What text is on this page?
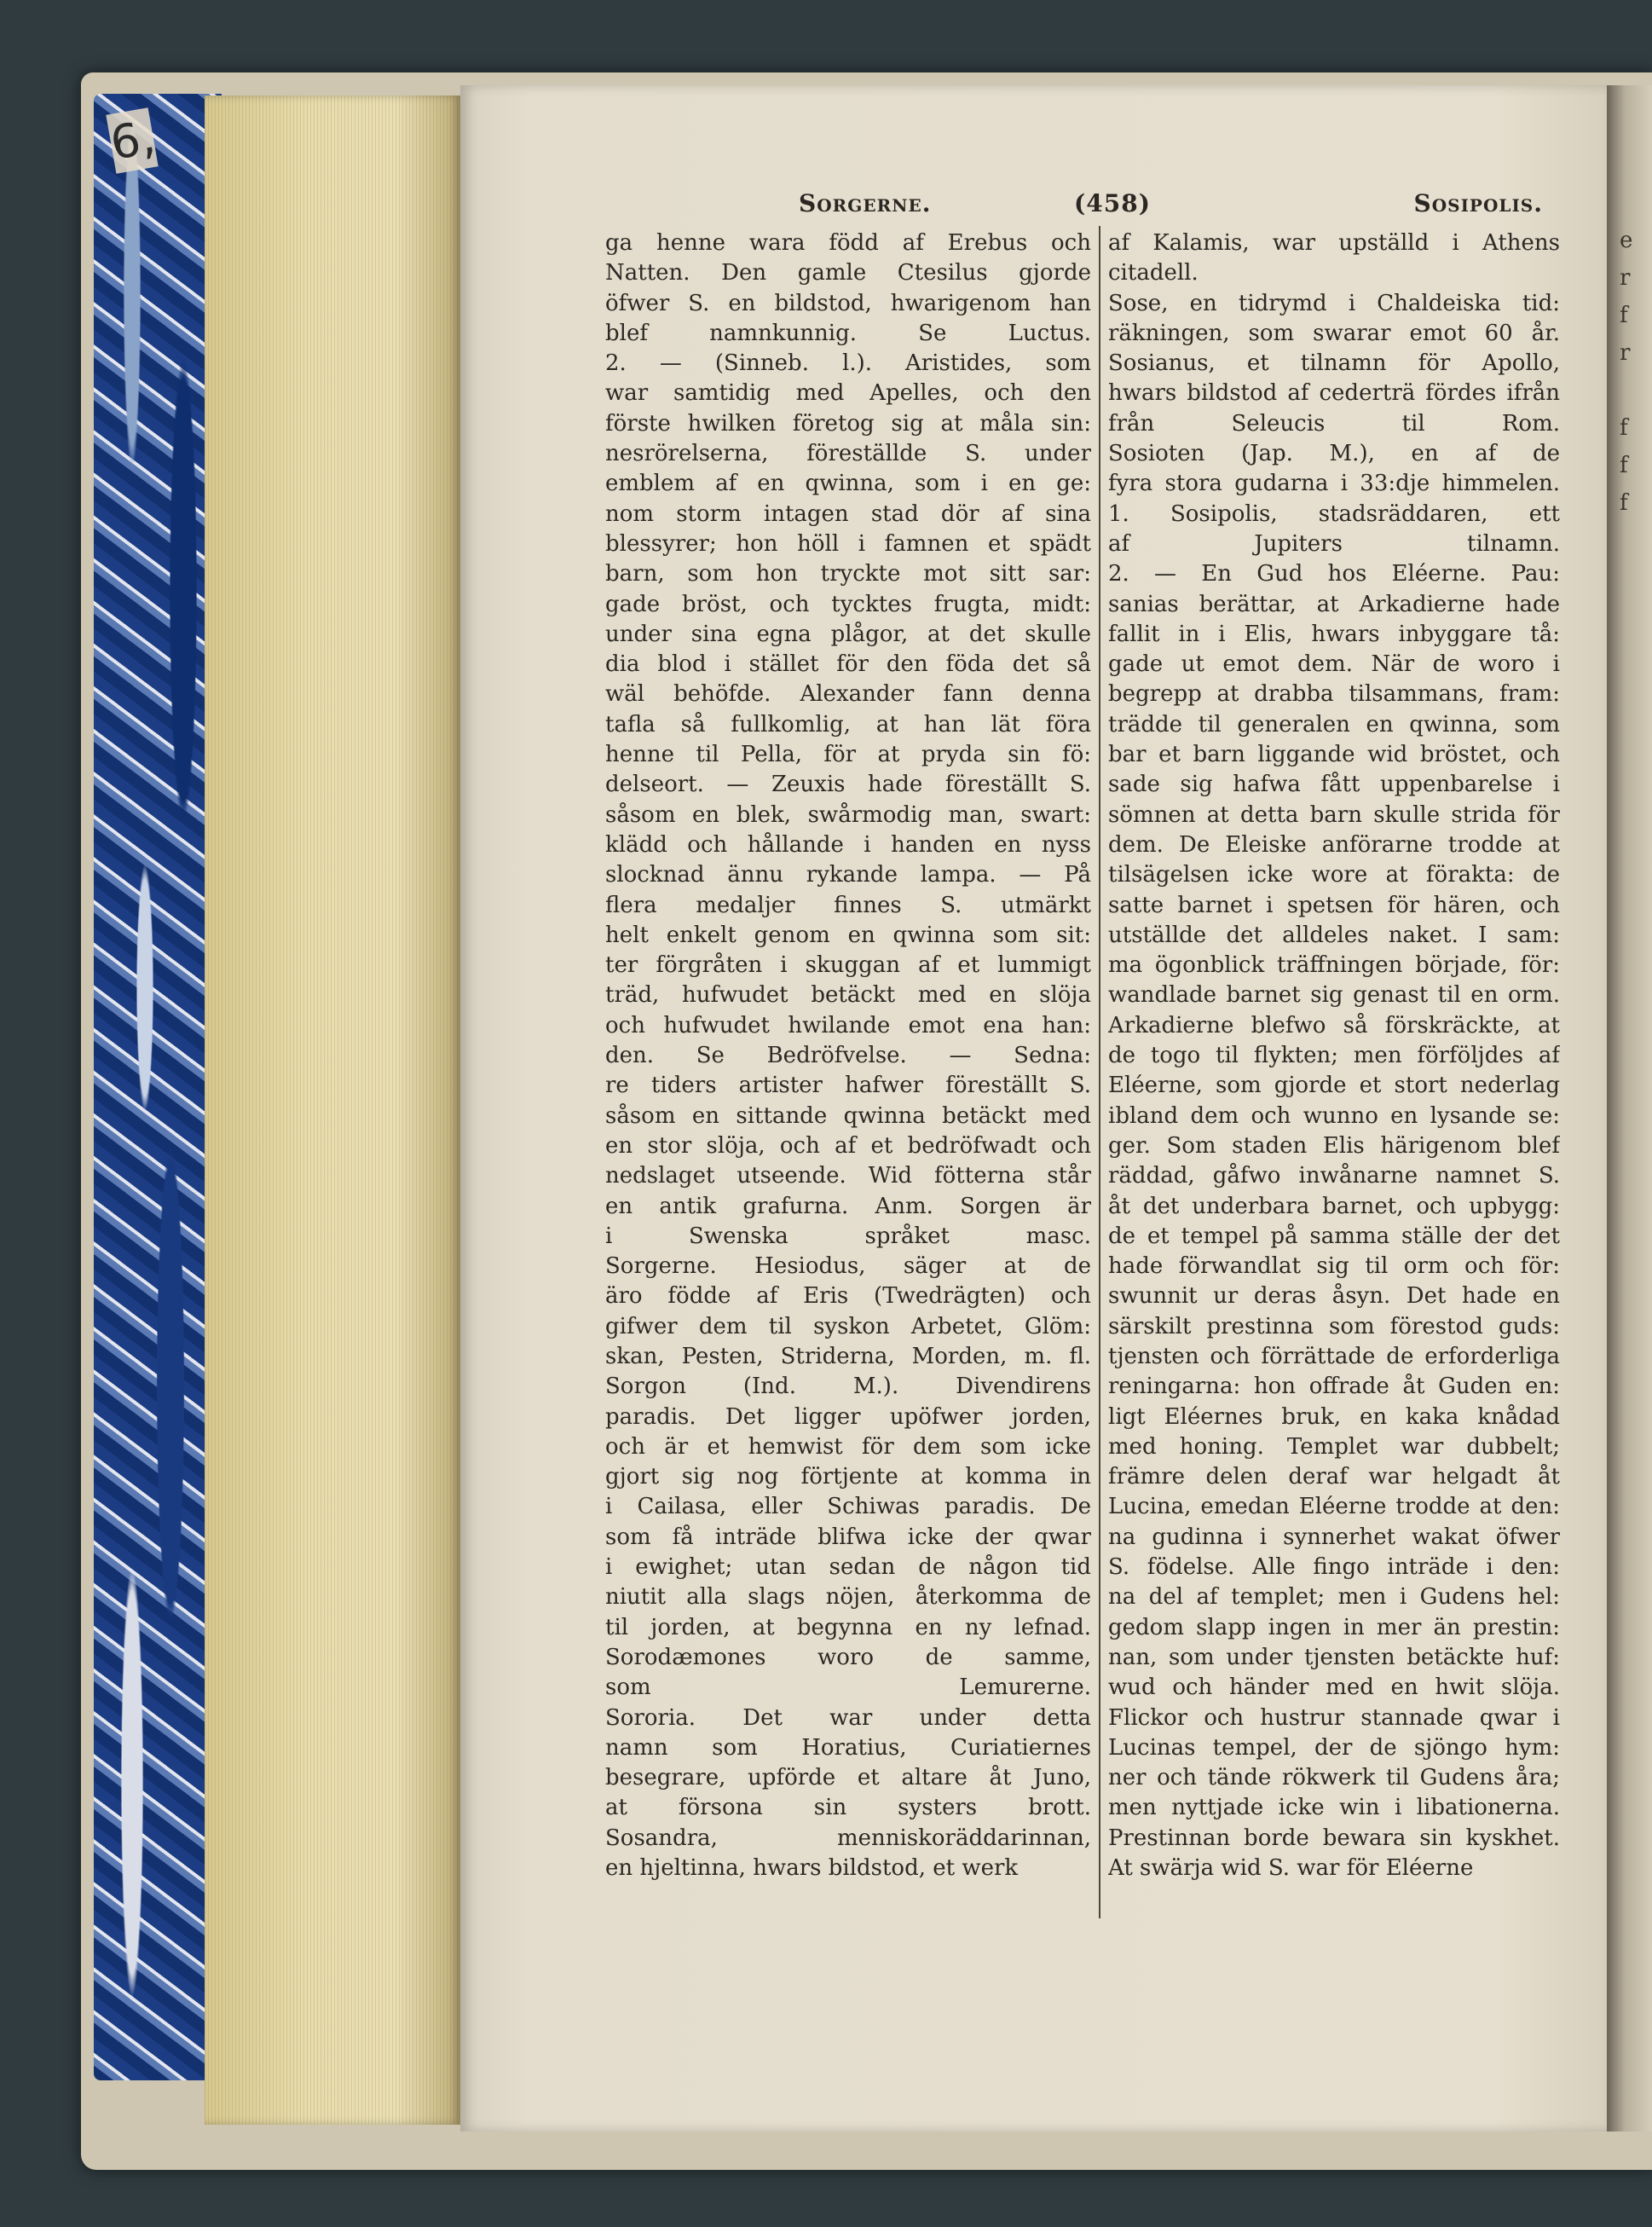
6,
Sorgerne.	(458)	Sosipolis.
ga henne wara född af Erebus och
Natten. Den gamle Ctesilus gjorde
öfwer S. en bildstod, hwarigenom han
blef namnkunnig. Se Luctus.
2. — (Sinneb. l.). Aristides, som
war samtidig med Apelles, och den
förste hwilken företog sig at måla sin:
nesrörelserna, föreställde S. under
emblem af en qwinna, som i en ge:
nom storm intagen stad dör af sina
blessyrer; hon höll i famnen et spädt
barn, som hon tryckte mot sitt sar:
gade bröst, och tycktes frugta, midt:
under sina egna plågor, at det skulle
dia blod i stället för den föda det så
wäl behöfde. Alexander fann denna
tafla så fullkomlig, at han lät föra
henne til Pella, för at pryda sin fö:
delseort. — Zeuxis hade föreställt S.
såsom en blek, swårmodig man, swart:
klädd och hållande i handen en nyss
slocknad ännu rykande lampa. — På
flera medaljer finnes S. utmärkt
helt enkelt genom en qwinna som sit:
ter förgråten i skuggan af et lummigt
träd, hufwudet betäckt med en slöja
och hufwudet hwilande emot ena han:
den. Se Bedröfvelse. — Sedna:
re tiders artister hafwer föreställt S.
såsom en sittande qwinna betäckt med
en stor slöja, och af et bedröfwadt och
nedslaget utseende. Wid fötterna står
en antik grafurna. Anm. Sorgen är
i Swenska språket masc.
Sorgerne. Hesiodus, säger at de
äro födde af Eris (Twedrägten) och
gifwer dem til syskon Arbetet, Glöm:
skan, Pesten, Striderna, Morden, m. fl.
Sorgon (Ind. M.). Divendirens
paradis. Det ligger upöfwer jorden,
och är et hemwist för dem som icke
gjort sig nog förtjente at komma in
i Cailasa, eller Schiwas paradis. De
som få inträde blifwa icke der qwar
i ewighet; utan sedan de någon tid
niutit alla slags nöjen, återkomma de
til jorden, at begynna en ny lefnad.
Sorodæmones woro de samme,
som Lemurerne.
Sororia. Det war under detta
namn som Horatius, Curiatiernes
besegrare, upförde et altare åt Juno,
at försona sin systers brott.
Sosandra, menniskoräddarinnan,
en hjeltinna, hwars bildstod, et werk
af Kalamis, war upställd i Athens
citadell.
Sose, en tidrymd i Chaldeiska tid:
räkningen, som swarar emot 60 år.
Sosianus, et tilnamn för Apollo,
hwars bildstod af cederträ fördes ifrån
från Seleucis til Rom.
Sosioten (Jap. M.), en af de
fyra stora gudarna i 33:dje himmelen.
1. Sosipolis, stadsräddaren, ett
af Jupiters tilnamn.
2. — En Gud hos Eléerne. Pau:
sanias berättar, at Arkadierne hade
fallit in i Elis, hwars inbyggare tå:
gade ut emot dem. När de woro i
begrepp at drabba tilsammans, fram:
trädde til generalen en qwinna, som
bar et barn liggande wid bröstet, och
sade sig hafwa fått uppenbarelse i
sömnen at detta barn skulle strida för
dem. De Eleiske anförarne trodde at
tilsägelsen icke wore at förakta: de
satte barnet i spetsen för hären, och
utställde det alldeles naket. I sam:
ma ögonblick träffningen började, för:
wandlade barnet sig genast til en orm.
Arkadierne blefwo så förskräckte, at
de togo til flykten; men förföljdes af
Eléerne, som gjorde et stort nederlag
ibland dem och wunno en lysande se:
ger. Som staden Elis härigenom blef
räddad, gåfwo inwånarne namnet S.
åt det underbara barnet, och upbygg:
de et tempel på samma ställe der det
hade förwandlat sig til orm och för:
swunnit ur deras åsyn. Det hade en
särskilt prestinna som förestod guds:
tjensten och förrättade de erforderliga
reningarna: hon offrade åt Guden en:
ligt Eléernes bruk, en kaka knådad
med honing. Templet war dubbelt;
främre delen deraf war helgadt åt
Lucina, emedan Eléerne trodde at den:
na gudinna i synnerhet wakat öfwer
S. födelse. Alle fingo inträde i den:
na del af templet; men i Gudens hel:
gedom slapp ingen in mer än prestin:
nan, som under tjensten betäckte huf:
wud och händer med en hwit slöja.
Flickor och hustrur stannade qwar i
Lucinas tempel, der de sjöngo hym:
ner och tände rökwerk til Gudens åra;
men nyttjade icke win i libationerna.
Prestinnan borde bewara sin kyskhet.
At swärja wid S. war för Eléerne
e
r
f
r
f
f
f
